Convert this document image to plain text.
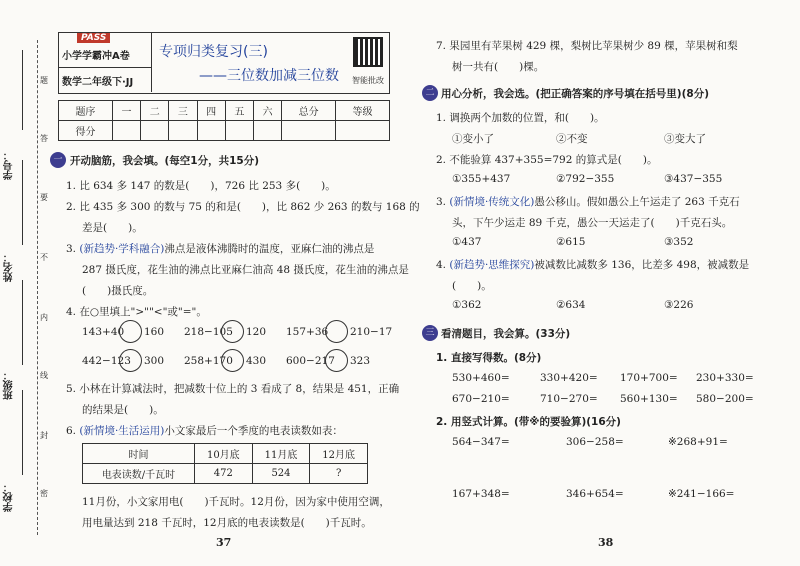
学号：
姓名：
班级：
学校：
题
答
要
不
内
线
封
密
PASS
小学学霸冲A卷
数学二年级下·JJ
专项归类复习(三)
——三位数加减三位数 智能批改
题序	一	二	三	四	五	六	总分	等级
得分								
一 开动脑筋，我会填。(每空1分，共15分)
1. 比 634 多 147 的数是(　　)，726 比 253 多(　　)。
2. 比 435 多 300 的数与 75 的和是(　　)，比 862 少 263 的数与 168 的
差是(　　)。
3. (新趋势·学科融合)沸点是液体沸腾时的温度，亚麻仁油的沸点是
287 摄氏度，花生油的沸点比亚麻仁油高 48 摄氏度，花生油的沸点是
(　　)摄氏度。
4. 在○里填上">""<"或"="。
143+40 160 218−105 120 157+36 210−17
442−123 300 258+170 430 600−217 323
5. 小林在计算减法时，把减数十位上的 3 看成了 8，结果是 451，正确
的结果是(　　)。
6. (新情境·生活运用)小文家最后一个季度的电表读数如表：
时间	10月底	11月底	12月底
电表读数/千瓦时	472	524	?
11月份，小文家用电(　　)千瓦时。12月份，因为家中使用空调，
用电量达到 218 千瓦时，12月底的电表读数是(　　)千瓦时。
37
7. 果园里有苹果树 429 棵，梨树比苹果树少 89 棵，苹果树和梨
树一共有(　　)棵。
二 用心分析，我会选。(把正确答案的序号填在括号里)(8分)
1. 调换两个加数的位置，和(　　)。
①变小了	②不变	③变大了
2. 不能验算 437+355=792 的算式是(　　)。
①355+437	②792−355	③437−355
3. (新情境·传统文化)愚公移山。假如愚公上午运走了 263 千克石
头，下午少运走 89 千克，愚公一天运走了(　　)千克石头。
①437	②615	③352
4. (新趋势·思维探究)被减数比减数多 136，比差多 498，被减数是
(　　)。
①362	②634	③226
三 看清题目，我会算。(33分)
1. 直接写得数。(8分)
530+460=	330+420= 170+700= 230+330=
670−210=	710−270= 560+130= 580−200=
2. 用竖式计算。(带※的要验算)(16分)
564−347=	306−258=	※268+91=
167+348=	346+654=	※241−166=
38
